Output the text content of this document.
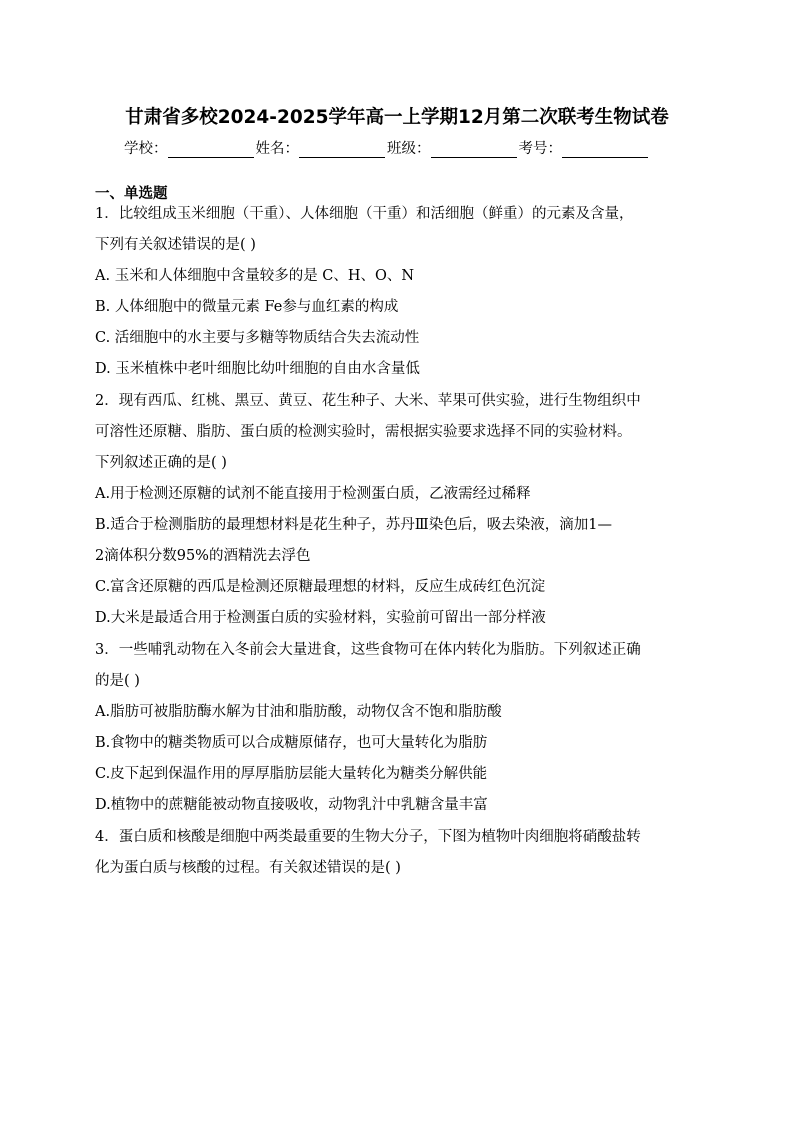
甘肃省多校2024-2025学年高一上学期12月第二次联考生物试卷
学校：	姓名：	班级：	考号：
一、单选题
1．比较组成玉米细胞（干重）、人体细胞（干重）和活细胞（鲜重）的元素及含量，
下列有关叙述错误的是( )
A. 玉米和人体细胞中含量较多的是 C、H、O、N
B. 人体细胞中的微量元素 Fe参与血红素的构成
C. 活细胞中的水主要与多糖等物质结合失去流动性
D. 玉米植株中老叶细胞比幼叶细胞的自由水含量低
2．现有西瓜、红桃、黑豆、黄豆、花生种子、大米、苹果可供实验，进行生物组织中
可溶性还原糖、脂肪、蛋白质的检测实验时，需根据实验要求选择不同的实验材料。
下列叙述正确的是( )
A.用于检测还原糖的试剂不能直接用于检测蛋白质，乙液需经过稀释
B.适合于检测脂肪的最理想材料是花生种子，苏丹Ⅲ染色后，吸去染液，滴加1—
2滴体积分数95%的酒精洗去浮色
C.富含还原糖的西瓜是检测还原糖最理想的材料，反应生成砖红色沉淀
D.大米是最适合用于检测蛋白质的实验材料，实验前可留出一部分样液
3．一些哺乳动物在入冬前会大量进食，这些食物可在体内转化为脂肪。下列叙述正确
的是( )
A.脂肪可被脂肪酶水解为甘油和脂肪酸，动物仅含不饱和脂肪酸
B.食物中的糖类物质可以合成糖原储存，也可大量转化为脂肪
C.皮下起到保温作用的厚厚脂肪层能大量转化为糖类分解供能
D.植物中的蔗糖能被动物直接吸收，动物乳汁中乳糖含量丰富
4．蛋白质和核酸是细胞中两类最重要的生物大分子，下图为植物叶肉细胞将硝酸盐转
化为蛋白质与核酸的过程。有关叙述错误的是( )
